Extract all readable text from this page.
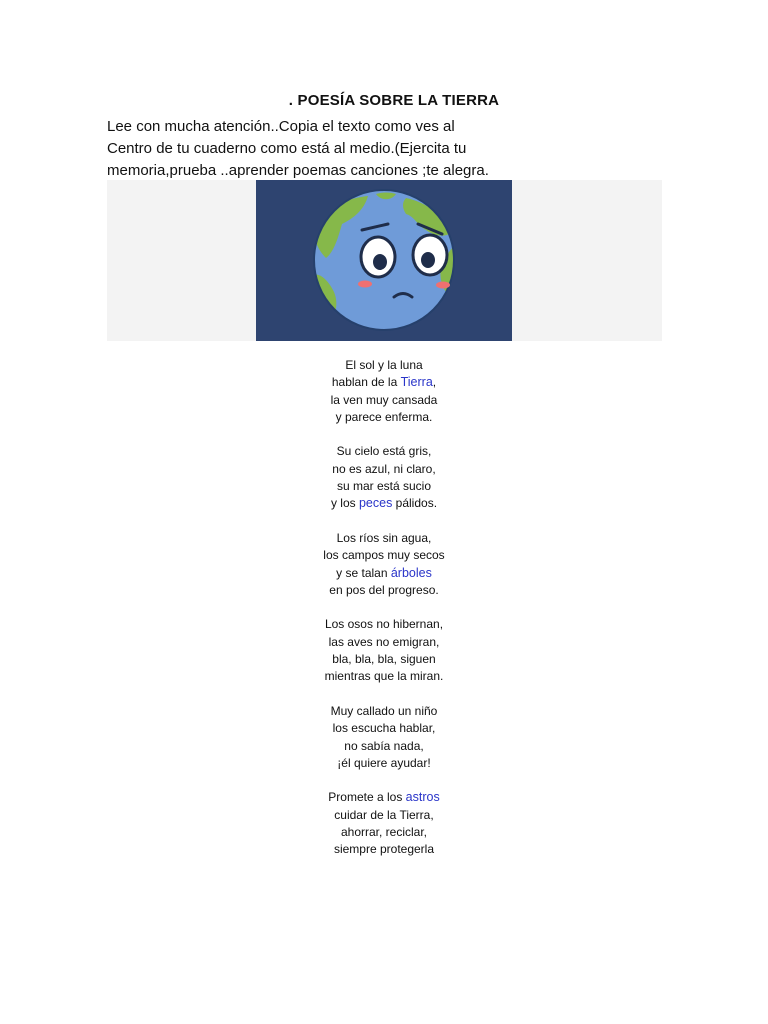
. POESÍA SOBRE LA TIERRA
Lee con mucha atención..Copia el texto como ves al
Centro de tu cuaderno como está al medio.(Ejercita tu
memoria,prueba ..aprender poemas canciones ;te alegra.
El sol y la luna
hablan de la Tierra,
la ven muy cansada
y parece enferma.
Su cielo está gris,
no es azul, ni claro,
su mar está sucio
y los peces pálidos.
Los ríos sin agua,
los campos muy secos
y se talan árboles
en pos del progreso.
Los osos no hibernan,
las aves no emigran,
bla, bla, bla, siguen
mientras que la miran.
Muy callado un niño
los escucha hablar,
no sabía nada,
¡él quiere ayudar!
Promete a los astros
cuidar de la Tierra,
ahorrar, reciclar,
siempre protegerla
